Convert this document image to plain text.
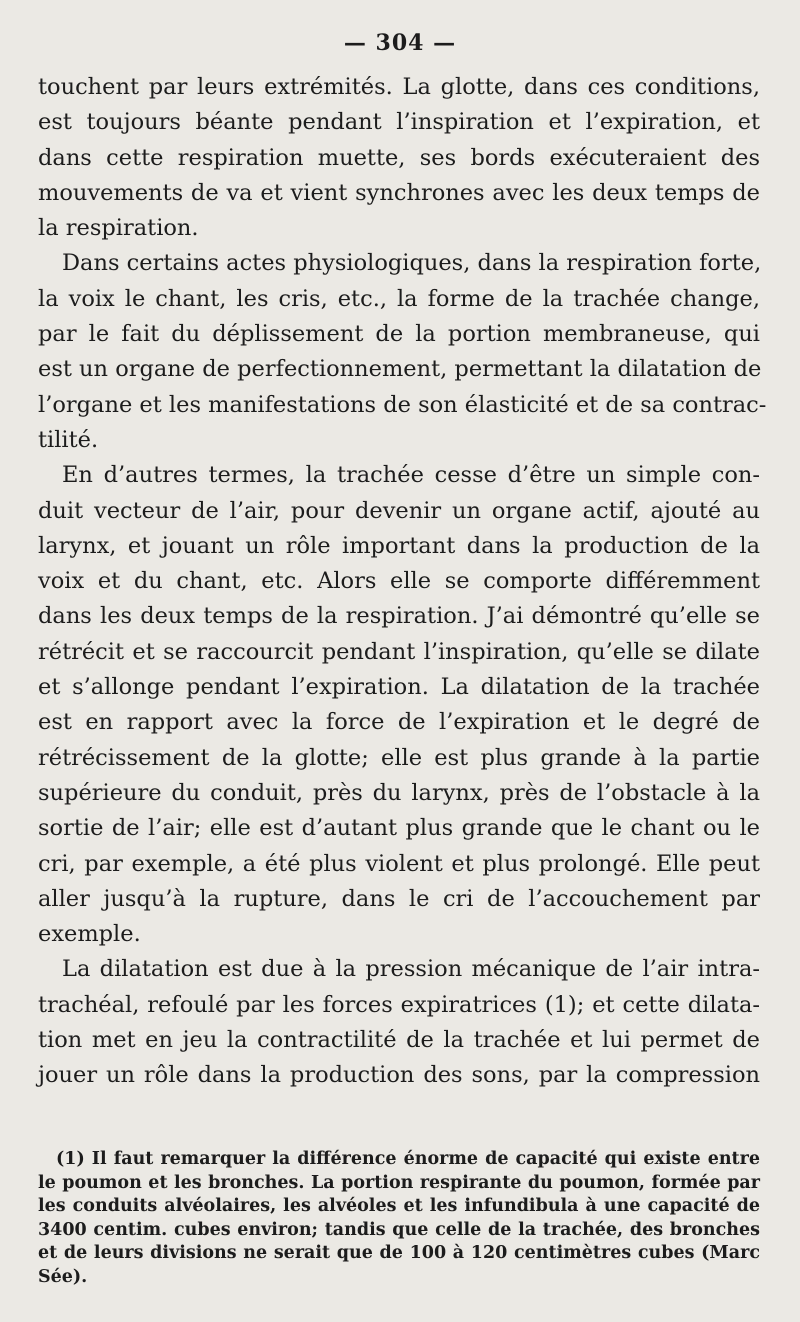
— 304 —
touchent par leurs extrémités. La glotte, dans ces conditions,
est toujours béante pendant l’inspiration et l’expiration, et
dans cette respiration muette, ses bords exécuteraient des
mouvements de va et vient synchrones avec les deux temps de
la respiration.
Dans certains actes physiologiques, dans la respiration forte,
la voix le chant, les cris, etc., la forme de la trachée change,
par le fait du déplissement de la portion membraneuse, qui
est un organe de perfectionnement, permettant la dilatation de
l’organe et les manifestations de son élasticité et de sa contrac-
tilité.
En d’autres termes, la trachée cesse d’être un simple con-
duit vecteur de l’air, pour devenir un organe actif, ajouté au
larynx, et jouant un rôle important dans la production de la
voix et du chant, etc. Alors elle se comporte différemment
dans les deux temps de la respiration. J’ai démontré qu’elle se
rétrécit et se raccourcit pendant l’inspiration, qu’elle se dilate
et s’allonge pendant l’expiration. La dilatation de la trachée
est en rapport avec la force de l’expiration et le degré de
rétrécissement de la glotte; elle est plus grande à la partie
supérieure du conduit, près du larynx, près de l’obstacle à la
sortie de l’air; elle est d’autant plus grande que le chant ou le
cri, par exemple, a été plus violent et plus prolongé. Elle peut
aller jusqu’à la rupture, dans le cri de l’accouchement par
exemple.
La dilatation est due à la pression mécanique de l’air intra-
trachéal, refoulé par les forces expiratrices (1); et cette dilata-
tion met en jeu la contractilité de la trachée et lui permet de
jouer un rôle dans la production des sons, par la compression
(1) Il faut remarquer la différence énorme de capacité qui existe entre
le poumon et les bronches. La portion respirante du poumon, formée par
les conduits alvéolaires, les alvéoles et les infundibula à une capacité de
3400 centim. cubes environ; tandis que celle de la trachée, des bronches
et de leurs divisions ne serait que de 100 à 120 centimètres cubes (Marc
Sée).
